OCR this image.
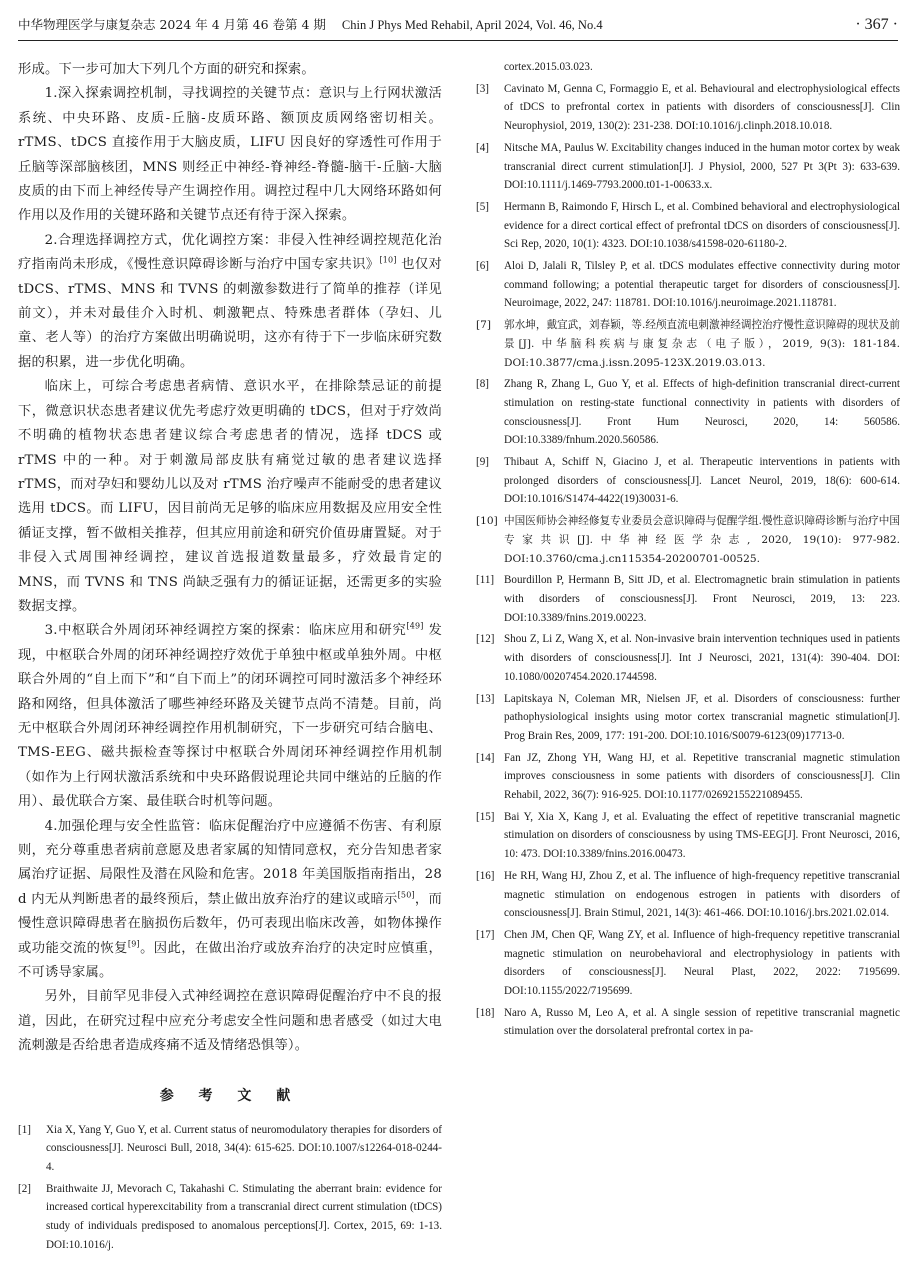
中华物理医学与康复杂志 2024 年 4 月第 46 卷第 4 期 Chin J Phys Med Rehabil, April 2024, Vol. 46, No.4	· 367 ·

形成。下一步可加大下列几个方面的研究和探索。

1.深入探索调控机制，寻找调控的关键节点：意识与上行网状激活系统、中央环路、皮质-丘脑-皮质环路、额顶皮质网络密切相关。rTMS、tDCS 直接作用于大脑皮质，LIFU 因良好的穿透性可作用于丘脑等深部脑核团，MNS 则经正中神经-脊神经-脊髓-脑干-丘脑-大脑皮质的由下而上神经传导产生调控作用。调控过程中几大网络环路如何作用以及作用的关键环路和关键节点还有待于深入探索。

2.合理选择调控方式，优化调控方案：非侵入性神经调控规范化治疗指南尚未形成，《慢性意识障碍诊断与治疗中国专家共识》[10] 也仅对 tDCS、rTMS、MNS 和 TVNS 的刺激参数进行了简单的推荐（详见前文），并未对最佳介入时机、刺激靶点、特殊患者群体（孕妇、儿童、老人等）的治疗方案做出明确说明，这亦有待于下一步临床研究数据的积累，进一步优化明确。

临床上，可综合考虑患者病情、意识水平，在排除禁忌证的前提下，微意识状态患者建议优先考虑疗效更明确的 tDCS，但对于疗效尚不明确的植物状态患者建议综合考虑患者的情况，选择 tDCS 或 rTMS 中的一种。对于刺激局部皮肤有痛觉过敏的患者建议选择 rTMS，而对孕妇和婴幼儿以及对 rTMS 治疗噪声不能耐受的患者建议选用 tDCS。而 LIFU，因目前尚无足够的临床应用数据及应用安全性循证支撑，暂不做相关推荐，但其应用前途和研究价值毋庸置疑。对于非侵入式周围神经调控，建议首选报道数量最多，疗效最肯定的 MNS，而 TVNS 和 TNS 尚缺乏强有力的循证证据，还需更多的实验数据支撑。

3.中枢联合外周闭环神经调控方案的探索：临床应用和研究[49] 发现，中枢联合外周的闭环神经调控疗效优于单独中枢或单独外周。中枢联合外周的“自上而下”和“自下而上”的闭环调控可同时激活多个神经环路和网络，但具体激活了哪些神经环路及关键节点尚不清楚。目前，尚无中枢联合外周闭环神经调控作用机制研究，下一步研究可结合脑电、TMS-EEG、磁共振检查等探讨中枢联合外周闭环神经调控作用机制（如作为上行网状激活系统和中央环路假说理论共同中继站的丘脑的作用）、最优联合方案、最佳联合时机等问题。

4.加强伦理与安全性监管：临床促醒治疗中应遵循不伤害、有利原则，充分尊重患者病前意愿及患者家属的知情同意权，充分告知患者家属治疗证据、局限性及潜在风险和危害。2018 年美国版指南指出，28 d 内无从判断患者的最终预后，禁止做出放弃治疗的建议或暗示[50]，而慢性意识障碍患者在脑损伤后数年，仍可表现出临床改善，如物体操作或功能交流的恢复[9]。因此，在做出治疗或放弃治疗的决定时应慎重，不可诱导家属。

另外，目前罕见非侵入式神经调控在意识障碍促醒治疗中不良的报道，因此，在研究过程中应充分考虑安全性问题和患者感受（如过大电流刺激是否给患者造成疼痛不适及情绪恐惧等）。

参 考 文 献
[1] Xia X, Yang Y, Guo Y, et al. Current status of neuromodulatory therapies for disorders of consciousness[J]. Neurosci Bull, 2018, 34(4): 615-625. DOI:10.1007/s12264-018-0244-4.
[2] Braithwaite JJ, Mevorach C, Takahashi C. Stimulating the aberrant brain: evidence for increased cortical hyperexcitability from a transcranial direct current stimulation (tDCS) study of individuals predisposed to anomalous perceptions[J]. Cortex, 2015, 69: 1-13. DOI:10.1016/j.
cortex.2015.03.023.
[3] Cavinato M, Genna C, Formaggio E, et al. Behavioural and electrophysiological effects of tDCS to prefrontal cortex in patients with disorders of consciousness[J]. Clin Neurophysiol, 2019, 130(2): 231-238. DOI:10.1016/j.clinph.2018.10.018.
[4] Nitsche MA, Paulus W. Excitability changes induced in the human motor cortex by weak transcranial direct current stimulation[J]. J Physiol, 2000, 527 Pt 3(Pt 3): 633-639. DOI:10.1111/j.1469-7793.2000.t01-1-00633.x.
[5] Hermann B, Raimondo F, Hirsch L, et al. Combined behavioral and electrophysiological evidence for a direct cortical effect of prefrontal tDCS on disorders of consciousness[J]. Sci Rep, 2020, 10(1): 4323. DOI:10.1038/s41598-020-61180-2.
[6] Aloi D, Jalali R, Tilsley P, et al. tDCS modulates effective connectivity during motor command following; a potential therapeutic target for disorders of consciousness[J]. Neuroimage, 2022, 247: 118781. DOI:10.1016/j.neuroimage.2021.118781.
[7] 郭水坤，戴宜武，刘春颖，等.经颅直流电刺激神经调控治疗慢性意识障碍的现状及前景[J]. 中华脑科疾病与康复杂志（电子版），2019, 9(3): 181-184. DOI:10.3877/cma.j.issn.2095-123X.2019.03.013.
[8] Zhang R, Zhang L, Guo Y, et al. Effects of high-definition transcranial direct-current stimulation on resting-state functional connectivity in patients with disorders of consciousness[J]. Front Hum Neurosci, 2020, 14: 560586. DOI:10.3389/fnhum.2020.560586.
[9] Thibaut A, Schiff N, Giacino J, et al. Therapeutic interventions in patients with prolonged disorders of consciousness[J]. Lancet Neurol, 2019, 18(6): 600-614. DOI:10.1016/S1474-4422(19)30031-6.
[10] 中国医师协会神经修复专业委员会意识障碍与促醒学组.慢性意识障碍诊断与治疗中国专家共识[J].中华神经医学杂志, 2020, 19(10): 977-982. DOI:10.3760/cma.j.cn115354-20200701-00525.
[11] Bourdillon P, Hermann B, Sitt JD, et al. Electromagnetic brain stimulation in patients with disorders of consciousness[J]. Front Neurosci, 2019, 13: 223. DOI:10.3389/fnins.2019.00223.
[12] Shou Z, Li Z, Wang X, et al. Non-invasive brain intervention techniques used in patients with disorders of consciousness[J]. Int J Neurosci, 2021, 131(4): 390-404. DOI: 10.1080/00207454.2020.1744598.
[13] Lapitskaya N, Coleman MR, Nielsen JF, et al. Disorders of consciousness: further pathophysiological insights using motor cortex transcranial magnetic stimulation[J]. Prog Brain Res, 2009, 177: 191-200. DOI:10.1016/S0079-6123(09)17713-0.
[14] Fan JZ, Zhong YH, Wang HJ, et al. Repetitive transcranial magnetic stimulation improves consciousness in some patients with disorders of consciousness[J]. Clin Rehabil, 2022, 36(7): 916-925. DOI:10.1177/02692155221089455.
[15] Bai Y, Xia X, Kang J, et al. Evaluating the effect of repetitive transcranial magnetic stimulation on disorders of consciousness by using TMS-EEG[J]. Front Neurosci, 2016, 10: 473. DOI:10.3389/fnins.2016.00473.
[16] He RH, Wang HJ, Zhou Z, et al. The influence of high-frequency repetitive transcranial magnetic stimulation on endogenous estrogen in patients with disorders of consciousness[J]. Brain Stimul, 2021, 14(3): 461-466. DOI:10.1016/j.brs.2021.02.014.
[17] Chen JM, Chen QF, Wang ZY, et al. Influence of high-frequency repetitive transcranial magnetic stimulation on neurobehavioral and electrophysiology in patients with disorders of consciousness[J]. Neural Plast, 2022, 2022: 7195699. DOI:10.1155/2022/7195699.
[18] Naro A, Russo M, Leo A, et al. A single session of repetitive transcranial magnetic stimulation over the dorsolateral prefrontal cortex in pa-
